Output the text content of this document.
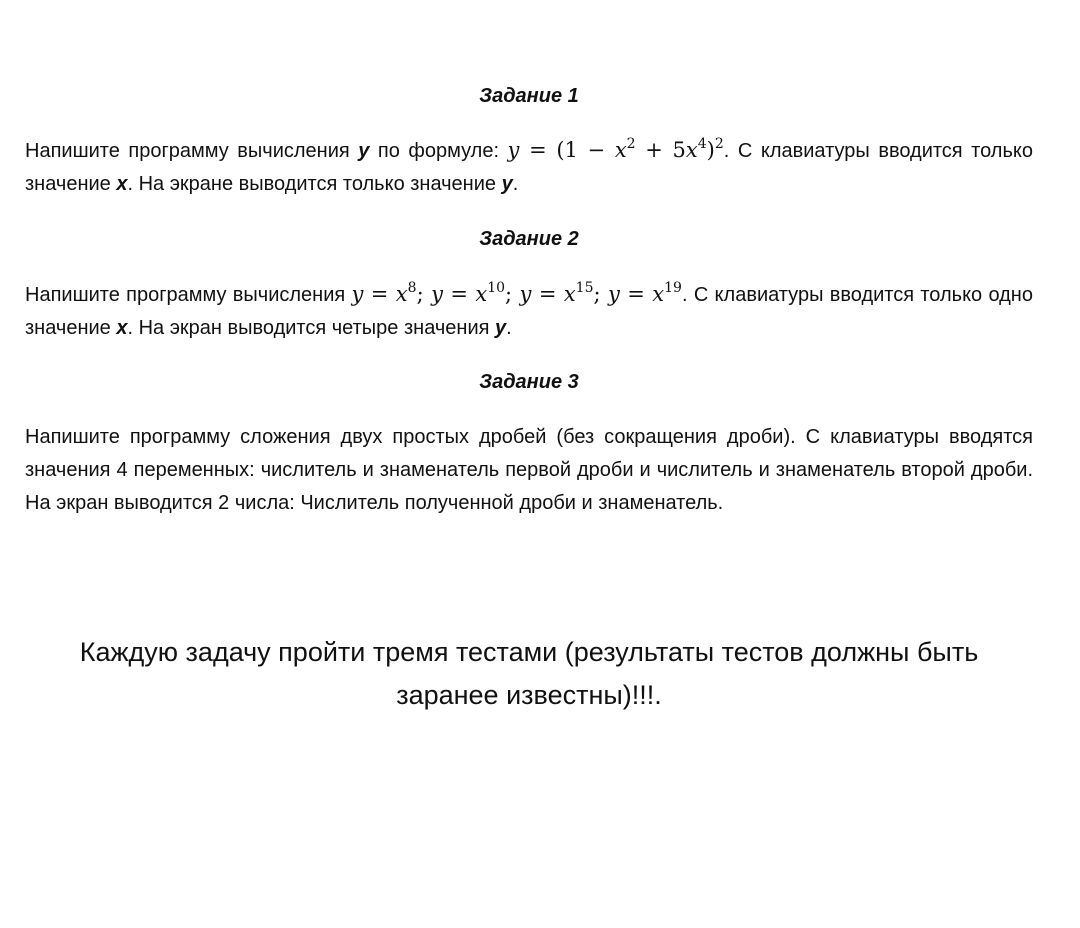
Задание 1
Напишите программу вычисления y по формуле: $y = (1 - x^2 + 5x^4)^2$. С клавиатуры вводится только значение x. На экране выводится только значение y.
Задание 2
Напишите программу вычисления $y = x^8$; $y = x^{10}$; $y = x^{15}$; $y = x^{19}$. С клавиатуры вводится только одно значение x. На экран выводится четыре значения y.
Задание 3
Напишите программу сложения двух простых дробей (без сокращения дроби). С клавиатуры вводятся значения 4 переменных: числитель и знаменатель первой дроби и числитель и знаменатель второй дроби. На экран выводится 2 числа: Числитель полученной дроби и знаменатель.
Каждую задачу пройти тремя тестами (результаты тестов должны быть
заранее известны)!!!.
